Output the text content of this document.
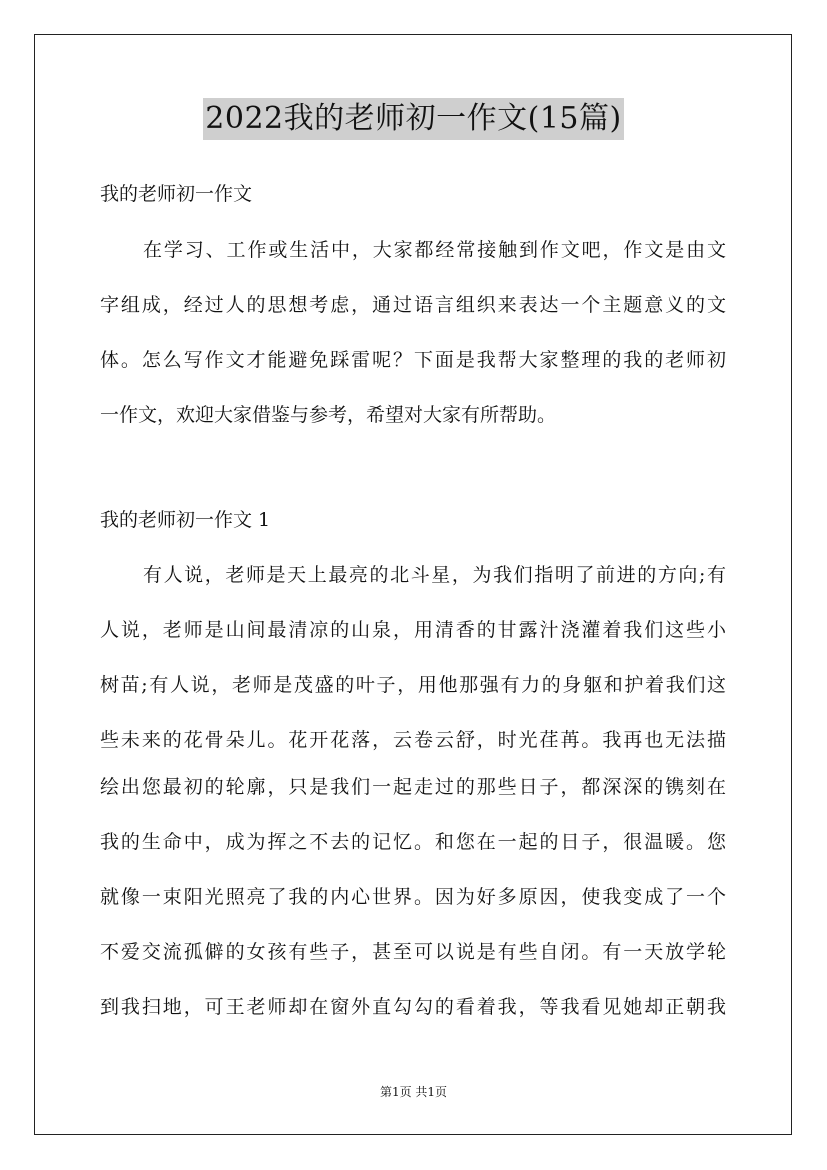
2022我的老师初一作文(15篇)
我的老师初一作文
在学习、工作或生活中，大家都经常接触到作文吧，作文是由文
字组成，经过人的思想考虑，通过语言组织来表达一个主题意义的文
体。怎么写作文才能避免踩雷呢？下面是我帮大家整理的我的老师初
一作文，欢迎大家借鉴与参考，希望对大家有所帮助。
我的老师初一作文 1
有人说，老师是天上最亮的北斗星，为我们指明了前进的方向;有
人说，老师是山间最清凉的山泉，用清香的甘露汁浇灌着我们这些小
树苗;有人说，老师是茂盛的叶子，用他那强有力的身躯和护着我们这
些未来的花骨朵儿。花开花落，云卷云舒，时光荏苒。我再也无法描
绘出您最初的轮廓，只是我们一起走过的那些日子，都深深的镌刻在
我的生命中，成为挥之不去的记忆。和您在一起的日子，很温暖。您
就像一束阳光照亮了我的内心世界。因为好多原因，使我变成了一个
不爱交流孤僻的女孩有些子，甚至可以说是有些自闭。有一天放学轮
到我扫地，可王老师却在窗外直勾勾的看着我，等我看见她却正朝我
第1页 共1页
